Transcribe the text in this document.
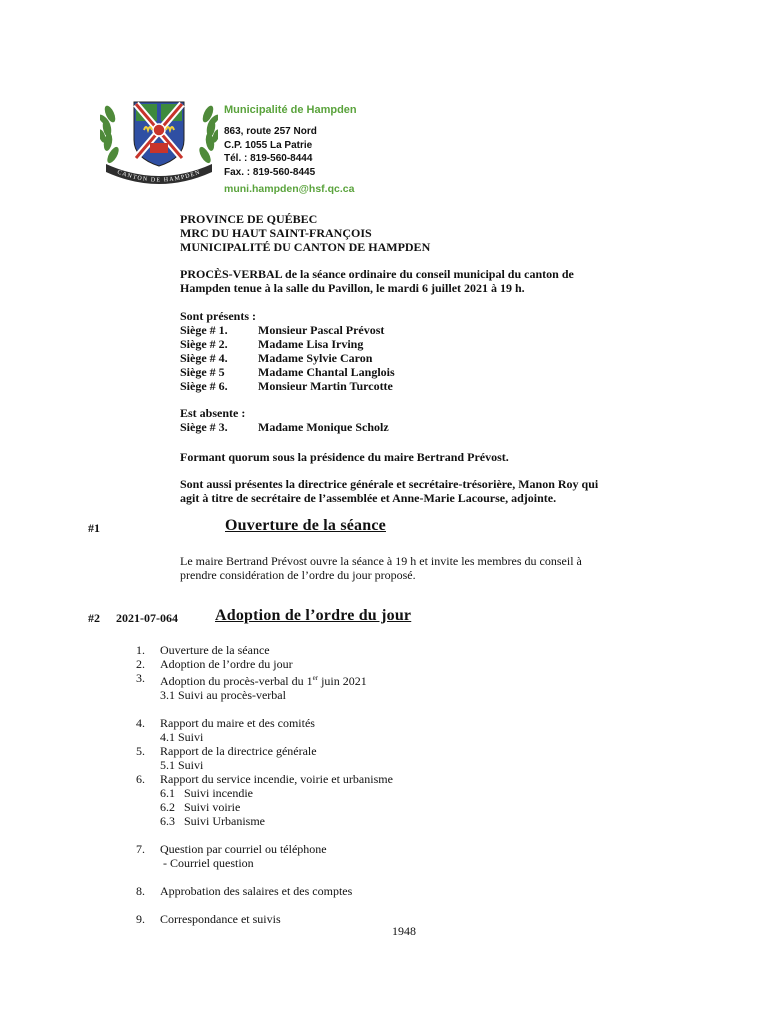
CANTON DE HAMPDEN
Municipalité de Hampden
863, route 257 Nord
C.P. 1055 La Patrie
Tél. : 819-560-8444
Fax. : 819-560-8445
muni.hampden@hsf.qc.ca
PROVINCE DE QUÉBEC
MRC DU HAUT SAINT-FRANÇOIS
MUNICIPALITÉ DU CANTON DE HAMPDEN
PROCÈS-VERBAL de la séance ordinaire du conseil municipal du canton de
Hampden tenue à la salle du Pavillon, le mardi 6 juillet 2021 à 19 h.
Sont présents :
Siège # 1.	Monsieur Pascal Prévost
Siège # 2.	Madame Lisa Irving
Siège # 4.	Madame Sylvie Caron
Siège # 5	Madame Chantal Langlois
Siège # 6.	Monsieur Martin Turcotte
Est absente :
Siège # 3.	Madame Monique Scholz
Formant quorum sous la présidence du maire Bertrand Prévost.
Sont aussi présentes la directrice générale et secrétaire-trésorière, Manon Roy qui
agit à titre de secrétaire de l’assemblée et Anne-Marie Lacourse, adjointe.
#1	Ouverture de la séance
Le maire Bertrand Prévost ouvre la séance à 19 h et invite les membres du conseil à
prendre considération de l’ordre du jour proposé.
#2 2021-07-064 Adoption de l’ordre du jour
1.	Ouverture de la séance
2.	Adoption de l’ordre du jour
3.	Adoption du procès-verbal du 1er juin 2021
3.1 Suivi au procès-verbal
4.	Rapport du maire et des comités
4.1 Suivi
5.	Rapport de la directrice générale
5.1 Suivi
6.	Rapport du service incendie, voirie et urbanisme
6.1   Suivi incendie
6.2   Suivi voirie
6.3   Suivi Urbanisme
7.	Question par courriel ou téléphone
- Courriel question
8.	Approbation des salaires et des comptes
9.	Correspondance et suivis
1948
